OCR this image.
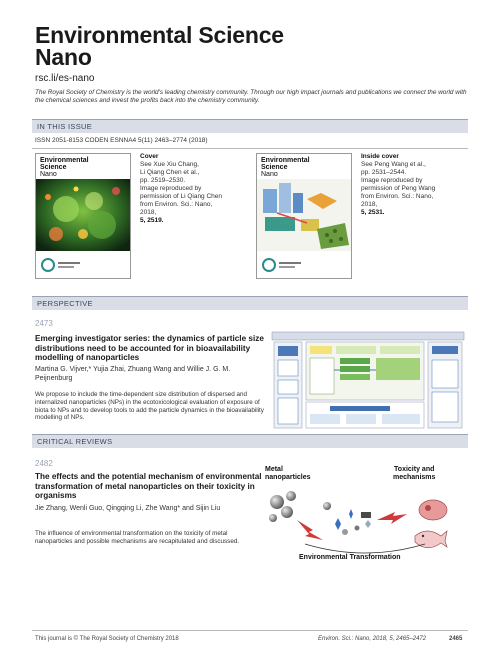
Environmental Science
Nano
rsc.li/es-nano
The Royal Society of Chemistry is the world's leading chemistry community. Through our high impact journals and publications we connect the world with the chemical sciences and invest the profits back into the chemistry community.
IN THIS ISSUE
ISSN 2051-8153 CODEN ESNNA4 5(11) 2463–2774 (2018)
Environmental
Science
Nano
Cover
See Xue Xiu Chang,
Li Qiang Chen et al.,
pp. 2519–2530.
Image reproduced by
permission of Li Qiang Chen
from Environ. Sci.: Nano, 2018,
5, 2519.
Environmental
Science
Nano
Inside cover
See Peng Wang et al.,
pp. 2531–2544.
Image reproduced by
permission of Peng Wang
from Environ. Sci.: Nano, 2018,
5, 2531.
PERSPECTIVE
2473
Emerging investigator series: the dynamics of particle size distributions need to be accounted for in bioavailability modelling of nanoparticles
Martina G. Vijver,* Yujia Zhai, Zhuang Wang and Willie J. G. M. Peijnenburg
We propose to include the time-dependent size distribution of dispersed and internalized nanoparticles (NPs) in the ecotoxicological evaluation of exposure of biota to NPs and to develop tools to add the particle dynamics in the bioavailability modelling of NPs.
CRITICAL REVIEWS
2482
The effects and the potential mechanism of environmental transformation of metal nanoparticles on their toxicity in organisms
Jie Zhang, Wenli Guo, Qingqing Li, Zhe Wang* and Sijin Liu
The influence of environmental transformation on the toxicity of metal nanoparticles and possible mechanisms are recapitulated and discussed.
Metal
nanoparticles
Toxicity and
mechanisms
Environmental Transformation
This journal is © The Royal Society of Chemistry 2018	Environ. Sci.: Nano, 2018, 5, 2465–2472	2465
